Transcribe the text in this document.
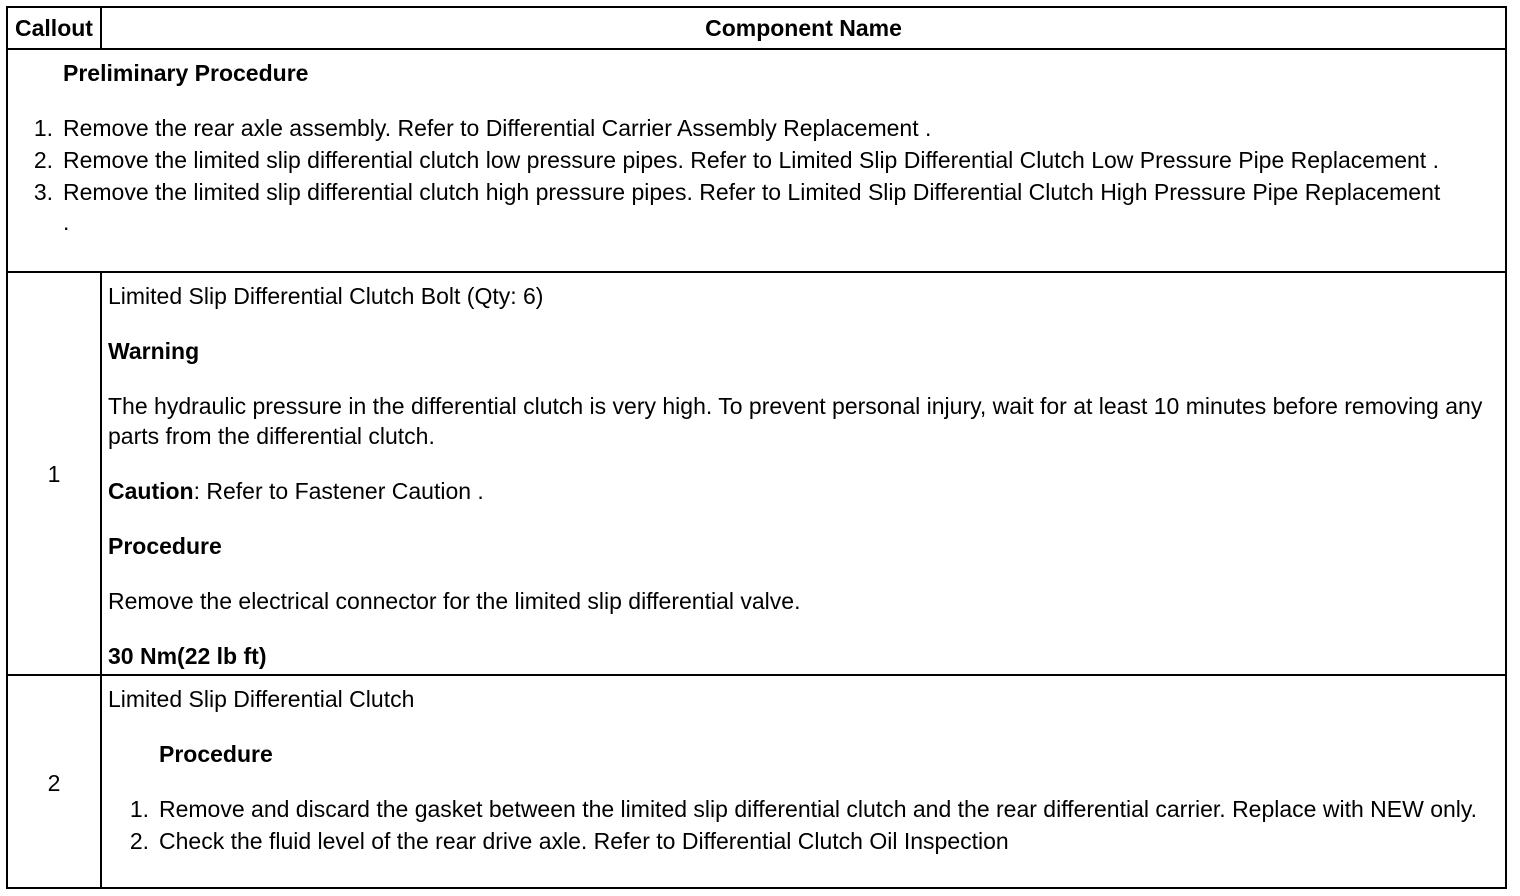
Callout	Component Name
Preliminary Procedure
1. Remove the rear axle assembly. Refer to Differential Carrier Assembly Replacement .
2. Remove the limited slip differential clutch low pressure pipes. Refer to Limited Slip Differential Clutch Low Pressure Pipe Replacement .
3. Remove the limited slip differential clutch high pressure pipes. Refer to Limited Slip Differential Clutch High Pressure Pipe Replacement .
1

Limited Slip Differential Clutch Bolt (Qty: 6)

Warning

The hydraulic pressure in the differential clutch is very high. To prevent personal injury, wait for at least 10 minutes before removing any parts from the differential clutch.

Caution: Refer to Fastener Caution .

Procedure

Remove the electrical connector for the limited slip differential valve.

30 Nm(22 lb ft)

2

Limited Slip Differential Clutch

Procedure
1. Remove and discard the gasket between the limited slip differential clutch and the rear differential carrier. Replace with NEW only.
2. Check the fluid level of the rear drive axle. Refer to Differential Clutch Oil Inspection
